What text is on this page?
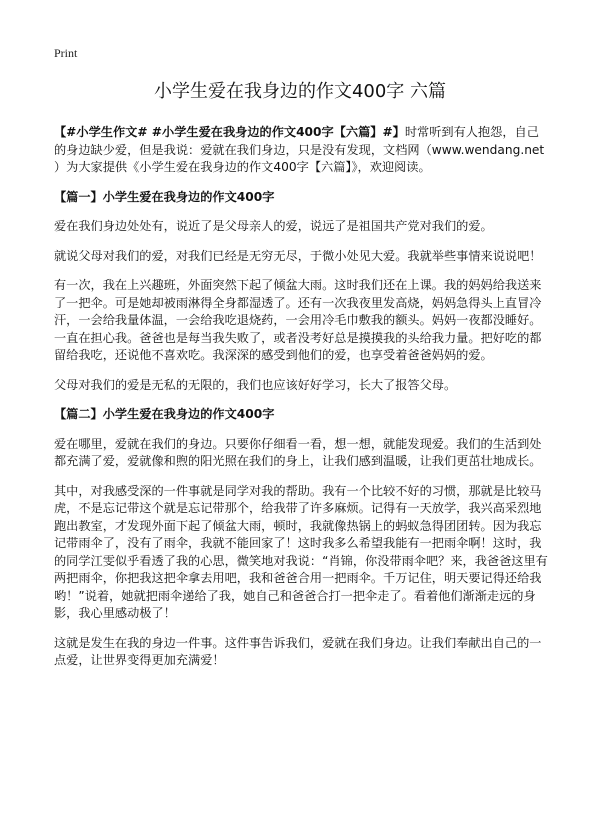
Print
小学生爱在我身边的作文400字 六篇

【#小学生作文# #小学生爱在我身边的作文400字【六篇】#】时常听到有人抱怨，自己的身边缺少爱，但是我说：爱就在我们身边，只是没有发现，文档网（www.wendang.net ）为大家提供《小学生爱在我身边的作文400字【六篇】》，欢迎阅读。

【篇一】小学生爱在我身边的作文400字

爱在我们身边处处有，说近了是父母亲人的爱，说远了是祖国共产党对我们的爱。

就说父母对我们的爱，对我们已经是无穷无尽，于微小处见大爱。我就举些事情来说说吧！

有一次，我在上兴趣班，外面突然下起了倾盆大雨。这时我们还在上课。我的妈妈给我送来了一把伞。可是她却被雨淋得全身都湿透了。还有一次我夜里发高烧，妈妈急得头上直冒冷汗，一会给我量体温，一会给我吃退烧药，一会用冷毛巾敷我的额头。妈妈一夜都没睡好。一直在担心我。爸爸也是每当我失败了，或者没考好总是摸摸我的头给我力量。把好吃的都留给我吃，还说他不喜欢吃。我深深的感受到他们的爱，也享受着爸爸妈妈的爱。

父母对我们的爱是无私的无限的，我们也应该好好学习，长大了报答父母。

【篇二】小学生爱在我身边的作文400字

爱在哪里，爱就在我们的身边。只要你仔细看一看，想一想，就能发现爱。我们的生活到处都充满了爱，爱就像和煦的阳光照在我们的身上，让我们感到温暖，让我们更茁壮地成长。

其中，对我感受深的一件事就是同学对我的帮助。我有一个比较不好的习惯，那就是比较马虎，不是忘记带这个就是忘记带那个，给我带了许多麻烦。记得有一天放学，我兴高采烈地跑出教室，才发现外面下起了倾盆大雨，顿时，我就像热锅上的蚂蚁急得团团转。因为我忘记带雨伞了，没有了雨伞，我就不能回家了！这时我多么希望我能有一把雨伞啊！这时，我的同学江雯似乎看透了我的心思，微笑地对我说：“肖锦，你没带雨伞吧？来，我爸爸这里有两把雨伞，你把我这把伞拿去用吧，我和爸爸合用一把雨伞。千万记住，明天要记得还给我哟！”说着，她就把雨伞递给了我，她自己和爸爸合打一把伞走了。看着他们渐渐走远的身影，我心里感动极了！

这就是发生在我的身边一件事。这件事告诉我们，爱就在我们身边。让我们奉献出自己的一点爱，让世界变得更加充满爱！
